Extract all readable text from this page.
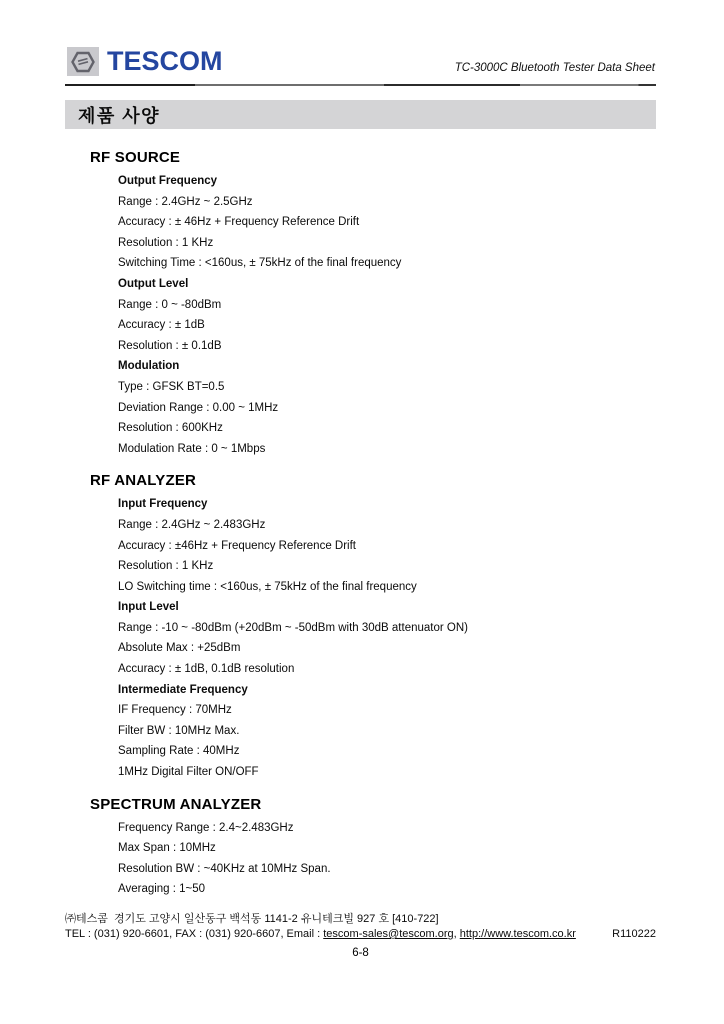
TESCOM	TC-3000C Bluetooth Tester Data Sheet
제품 사양
RF SOURCE
Output Frequency
Range : 2.4GHz ~ 2.5GHz
Accuracy : ± 46Hz + Frequency Reference Drift
Resolution : 1 KHz
Switching Time : <160us, ± 75kHz of the final frequency
Output Level
Range : 0 ~ -80dBm
Accuracy : ± 1dB
Resolution : ± 0.1dB
Modulation
Type : GFSK BT=0.5
Deviation Range : 0.00 ~ 1MHz
Resolution : 600KHz
Modulation Rate : 0 ~ 1Mbps
RF ANALYZER
Input Frequency
Range : 2.4GHz ~ 2.483GHz
Accuracy : ±46Hz + Frequency Reference Drift
Resolution : 1 KHz
LO Switching time : <160us, ± 75kHz of the final frequency
Input Level
Range : -10 ~ -80dBm (+20dBm ~ -50dBm with 30dB attenuator ON)
Absolute Max : +25dBm
Accuracy : ± 1dB, 0.1dB resolution
Intermediate Frequency
IF Frequency : 70MHz
Filter BW : 10MHz Max.
Sampling Rate : 40MHz
1MHz Digital Filter ON/OFF
SPECTRUM ANALYZER
Frequency Range : 2.4~2.483GHz
Max Span : 10MHz
Resolution BW : ~40KHz at 10MHz Span.
Averaging : 1~50
㈜테스콤  경기도 고양시 일산동구 백석동 1141-2 유니테크빌 927 호 [410-722]
TEL : (031) 920-6601, FAX : (031) 920-6607, Email : tescom-sales@tescom.org, http://www.tescom.co.kr	R110222
6-8
